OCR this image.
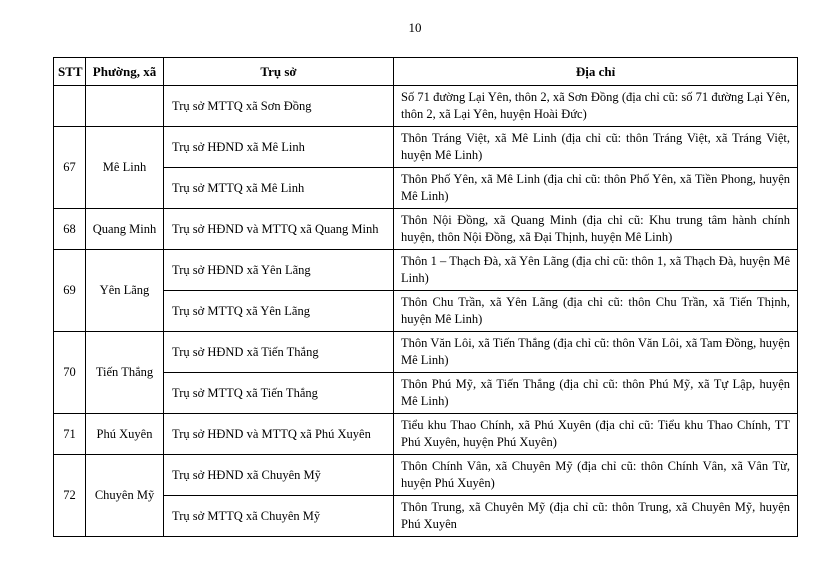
10
STT	Phường, xã	Trụ sở	Địa chỉ
		Trụ sở MTTQ xã Sơn Đồng	Số 71 đường Lại Yên, thôn 2, xã Sơn Đồng (địa chỉ cũ: số 71 đường Lại Yên, thôn 2, xã Lại Yên, huyện Hoài Đức)
67	Mê Linh	Trụ sở HĐND xã Mê Linh	Thôn Tráng Việt, xã Mê Linh (địa chỉ cũ: thôn Tráng Việt, xã Tráng Việt, huyện Mê Linh)
		Trụ sở MTTQ xã Mê Linh	Thôn Phố Yên, xã Mê Linh (địa chỉ cũ: thôn Phố Yên, xã Tiền Phong, huyện Mê Linh)
68	Quang Minh	Trụ sở HĐND và MTTQ xã Quang Minh	Thôn Nội Đồng, xã Quang Minh (địa chỉ cũ: Khu trung tâm hành chính huyện, thôn Nội Đồng, xã Đại Thịnh, huyện Mê Linh)
69	Yên Lãng	Trụ sở HĐND xã Yên Lãng	Thôn 1 – Thạch Đà, xã Yên Lãng (địa chỉ cũ: thôn 1, xã Thạch Đà, huyện Mê Linh)
		Trụ sở MTTQ xã Yên Lãng	Thôn Chu Trần, xã Yên Lãng (địa chỉ cũ: thôn Chu Trần, xã Tiến Thịnh, huyện Mê Linh)
70	Tiến Thắng	Trụ sở HĐND xã Tiến Thắng	Thôn Văn Lôi, xã Tiến Thắng (địa chỉ cũ: thôn Văn Lôi, xã Tam Đồng, huyện Mê Linh)
		Trụ sở MTTQ xã Tiến Thắng	Thôn Phú Mỹ, xã Tiến Thắng (địa chỉ cũ: thôn Phú Mỹ, xã Tự Lập, huyện Mê Linh)
71	Phú Xuyên	Trụ sở HĐND và MTTQ xã Phú Xuyên	Tiểu khu Thao Chính, xã Phú Xuyên (địa chỉ cũ: Tiểu khu Thao Chính, TT Phú Xuyên, huyện Phú Xuyên)
72	Chuyên Mỹ	Trụ sở HĐND xã Chuyên Mỹ	Thôn Chính Vân, xã Chuyên Mỹ (địa chỉ cũ: thôn Chính Vân, xã Vân Từ, huyện Phú Xuyên)
		Trụ sở MTTQ xã Chuyên Mỹ	Thôn Trung, xã Chuyên Mỹ (địa chỉ cũ: thôn Trung, xã Chuyên Mỹ, huyện Phú Xuyên
